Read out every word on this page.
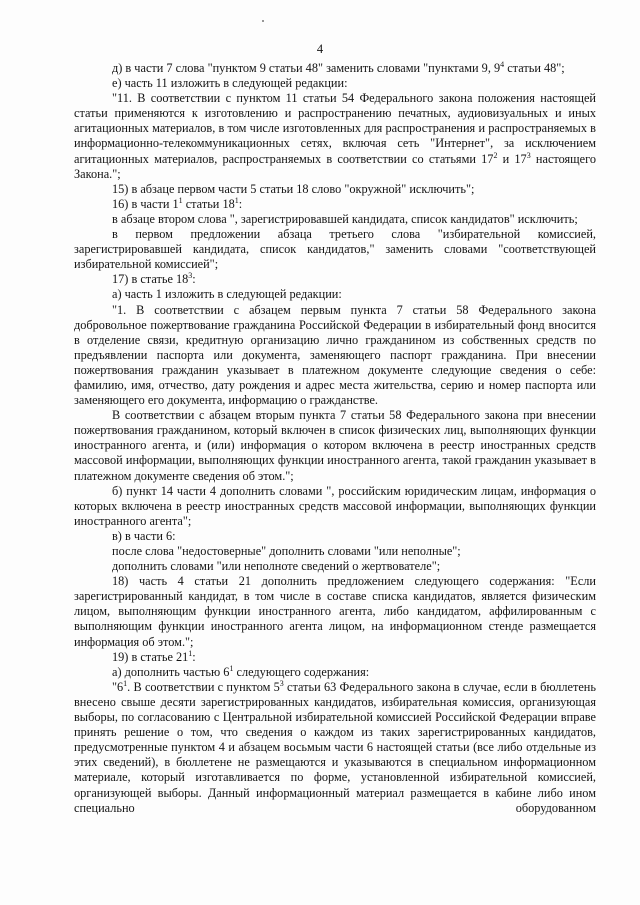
4

д) в части 7 слова "пунктом 9 статьи 48" заменить словами "пунктами 9, $9^4$ статьи 48";

е) часть 11 изложить в следующей редакции:

"11. В соответствии с пунктом 11 статьи 54 Федерального закона положения настоящей статьи применяются к изготовлению и распространению печатных, аудиовизуальных и иных агитационных материалов, в том числе изготовленных для распространения и распространяемых в информационно-телекоммуникационных сетях, включая сеть "Интернет", за исключением агитационных материалов, распространяемых в соответствии со статьями $17^2$ и $17^3$ настоящего Закона.";

15) в абзаце первом части 5 статьи 18 слово "окружной" исключить";

16) в части $1^1$ статьи $18^1$:

в абзаце втором слова ", зарегистрировавшей кандидата, список кандидатов" исключить;

в первом предложении абзаца третьего слова "избирательной комиссией, зарегистрировавшей кандидата, список кандидатов," заменить словами "соответствующей избирательной комиссией";

17) в статье $18^3$:

а) часть 1 изложить в следующей редакции:

"1. В соответствии с абзацем первым пункта 7 статьи 58 Федерального закона добровольное пожертвование гражданина Российской Федерации в избирательный фонд вносится в отделение связи, кредитную организацию лично гражданином из собственных средств по предъявлении паспорта или документа, заменяющего паспорт гражданина. При внесении пожертвования гражданин указывает в платежном документе следующие сведения о себе: фамилию, имя, отчество, дату рождения и адрес места жительства, серию и номер паспорта или заменяющего его документа, информацию о гражданстве.

В соответствии с абзацем вторым пункта 7 статьи 58 Федерального закона при внесении пожертвования гражданином, который включен в список физических лиц, выполняющих функции иностранного агента, и (или) информация о котором включена в реестр иностранных средств массовой информации, выполняющих функции иностранного агента, такой гражданин указывает в платежном документе сведения об этом.";

б) пункт 14 части 4 дополнить словами ", российским юридическим лицам, информация о которых включена в реестр иностранных средств массовой информации, выполняющих функции иностранного агента";

в) в части 6:

после слова "недостоверные" дополнить словами "или неполные";

дополнить словами "или неполноте сведений о жертвователе";

18) часть 4 статьи 21 дополнить предложением следующего содержания: "Если зарегистрированный кандидат, в том числе в составе списка кандидатов, является физическим лицом, выполняющим функции иностранного агента, либо кандидатом, аффилированным с выполняющим функции иностранного агента лицом, на информационном стенде размещается информация об этом.";

19) в статье $21^1$:

а) дополнить частью $6^1$ следующего содержания:

"$6^1$. В соответствии с пунктом $5^3$ статьи 63 Федерального закона в случае, если в бюллетень внесено свыше десяти зарегистрированных кандидатов, избирательная комиссия, организующая выборы, по согласованию с Центральной избирательной комиссией Российской Федерации вправе принять решение о том, что сведения о каждом из таких зарегистрированных кандидатов, предусмотренные пунктом 4 и абзацем восьмым части 6 настоящей статьи (все либо отдельные из этих сведений), в бюллетене не размещаются и указываются в специальном информационном материале, который изготавливается по форме, установленной избирательной комиссией, организующей выборы. Данный информационный материал размещается в кабине либо ином специально оборудованном
